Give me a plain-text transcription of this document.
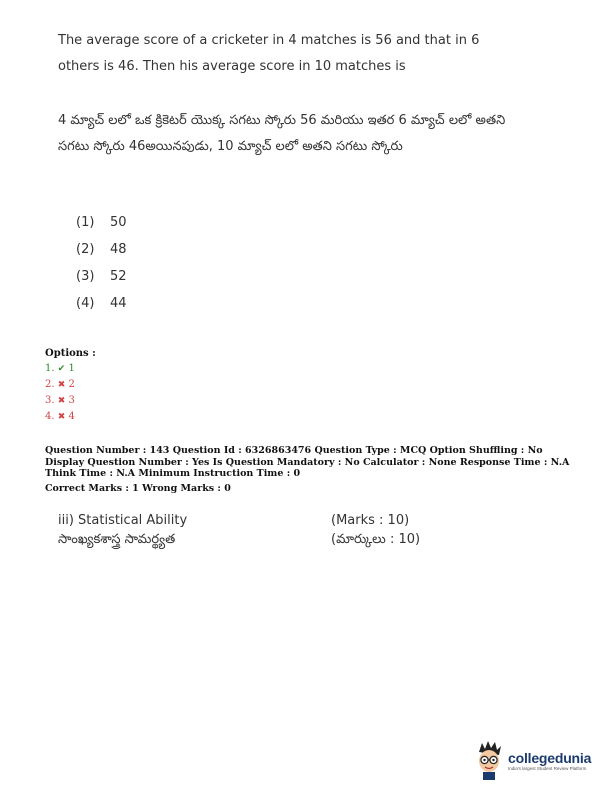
The average score of a cricketer in 4 matches is 56 and that in 6 others is 46. Then his average score in 10 matches is
4 మ్యాచ్ లలో ఒక క్రికెటర్ యొక్క సగటు స్కోరు 56 మరియు ఇతర 6 మ్యాచ్ లలో అతని సగటు స్కోరు 46అయినపుడు, 10 మ్యాచ్ లలో అతని సగటు స్కోరు
(1)	50
(2)	48
(3)	52
(4)	44
Options :
1. ✔ 1
2. ✖ 2
3. ✖ 3
4. ✖ 4
Question Number : 143 Question Id : 6326863476 Question Type : MCQ Option Shuffling : No Display Question Number : Yes Is Question Mandatory : No Calculator : None Response Time : N.A Think Time : N.A Minimum Instruction Time : 0
Correct Marks : 1 Wrong Marks : 0
iii) Statistical Ability	(Marks : 10)
సాంఖ్యకశాస్త్ర సామర్థ్యత	(మార్కులు : 10)
collegedunia
India's largest Student Review Platform
